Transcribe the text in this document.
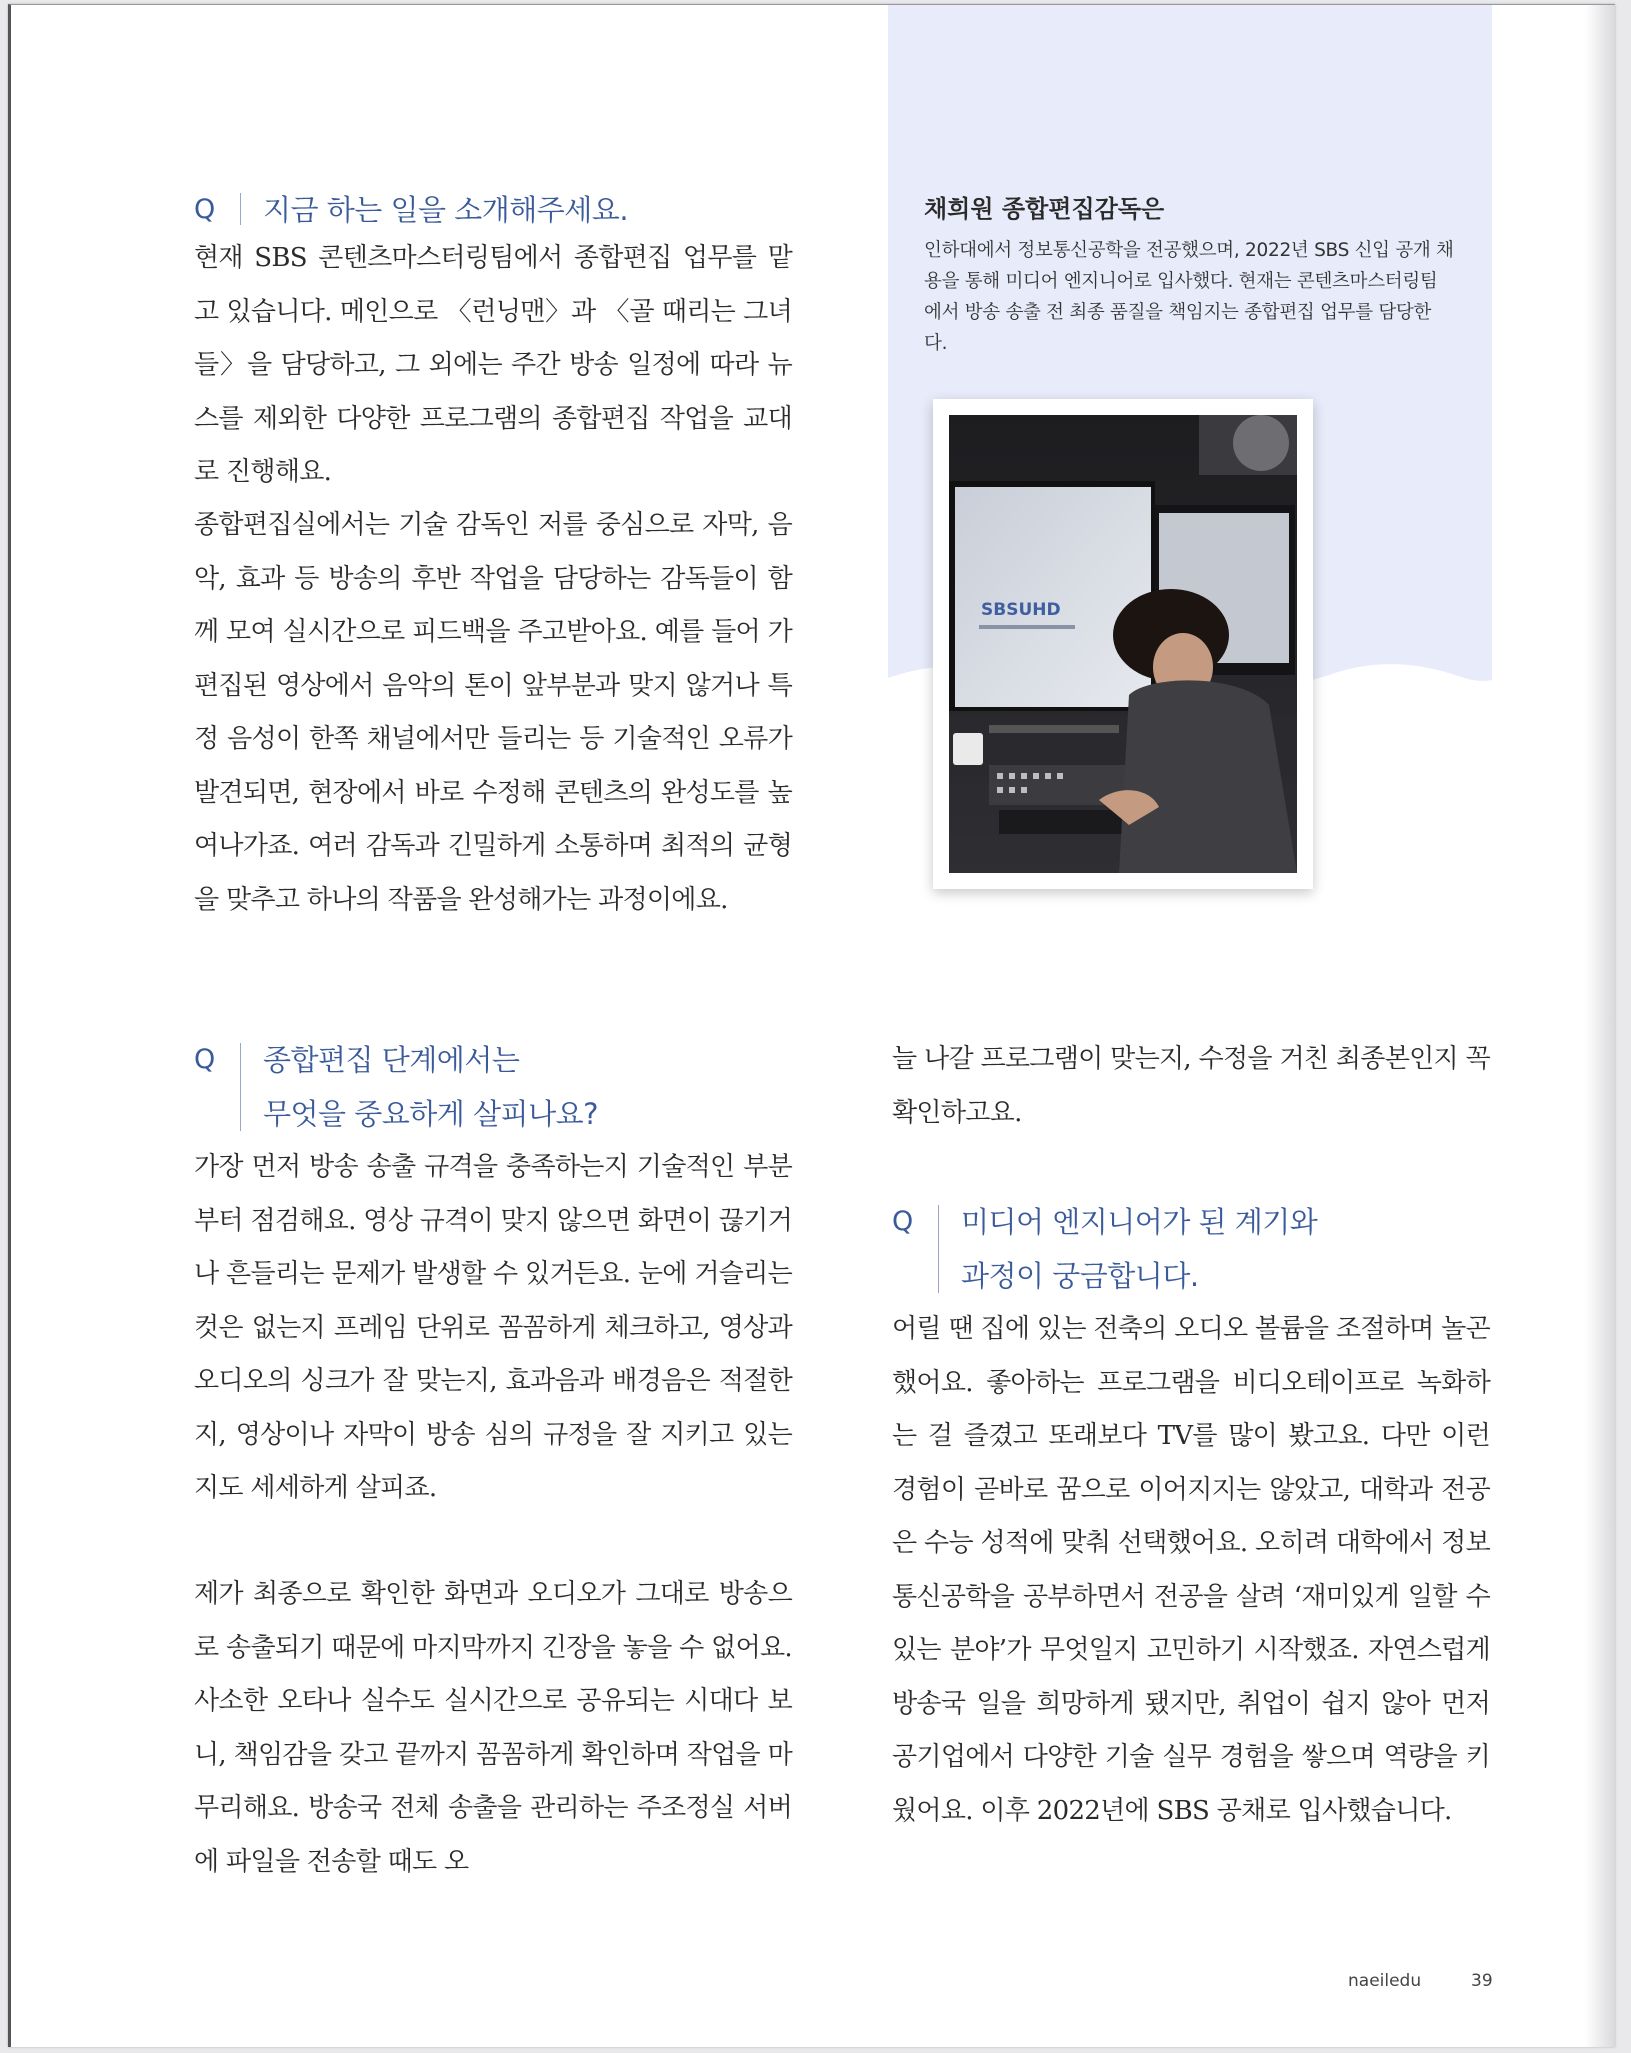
채희원 종합편집감독은

인하대에서 정보통신공학을 전공했으며, 2022년 SBS 신입 공개 채용을 통해 미디어 엔지니어로 입사했다. 현재는 콘텐츠마스터링팀에서 방송 송출 전 최종 품질을 책임지는 종합편집 업무를 담당한다.

SBSUHD
Q	지금 하는 일을 소개해주세요.

현재 SBS 콘텐츠마스터링팀에서 종합편집 업무를 맡고 있습니다. 메인으로 〈런닝맨〉과 〈골 때리는 그녀들〉을 담당하고, 그 외에는 주간 방송 일정에 따라 뉴스를 제외한 다양한 프로그램의 종합편집 작업을 교대로 진행해요.

종합편집실에서는 기술 감독인 저를 중심으로 자막, 음악, 효과 등 방송의 후반 작업을 담당하는 감독들이 함께 모여 실시간으로 피드백을 주고받아요. 예를 들어 가편집된 영상에서 음악의 톤이 앞부분과 맞지 않거나 특정 음성이 한쪽 채널에서만 들리는 등 기술적인 오류가 발견되면, 현장에서 바로 수정해 콘텐츠의 완성도를 높여나가죠. 여러 감독과 긴밀하게 소통하며 최적의 균형을 맞추고 하나의 작품을 완성해가는 과정이에요.

Q	종합편집 단계에서는
무엇을 중요하게 살피나요?

가장 먼저 방송 송출 규격을 충족하는지 기술적인 부분부터 점검해요. 영상 규격이 맞지 않으면 화면이 끊기거나 흔들리는 문제가 발생할 수 있거든요. 눈에 거슬리는 컷은 없는지 프레임 단위로 꼼꼼하게 체크하고, 영상과 오디오의 싱크가 잘 맞는지, 효과음과 배경음은 적절한지, 영상이나 자막이 방송 심의 규정을 잘 지키고 있는지도 세세하게 살피죠.

제가 최종으로 확인한 화면과 오디오가 그대로 방송으로 송출되기 때문에 마지막까지 긴장을 놓을 수 없어요. 사소한 오타나 실수도 실시간으로 공유되는 시대다 보니, 책임감을 갖고 끝까지 꼼꼼하게 확인하며 작업을 마무리해요. 방송국 전체 송출을 관리하는 주조정실 서버에 파일을 전송할 때도 오

늘 나갈 프로그램이 맞는지, 수정을 거친 최종본인지 꼭 확인하고요.

Q	미디어 엔지니어가 된 계기와
과정이 궁금합니다.

어릴 땐 집에 있는 전축의 오디오 볼륨을 조절하며 놀곤 했어요. 좋아하는 프로그램을 비디오테이프로 녹화하는 걸 즐겼고 또래보다 TV를 많이 봤고요. 다만 이런 경험이 곧바로 꿈으로 이어지지는 않았고, 대학과 전공은 수능 성적에 맞춰 선택했어요. 오히려 대학에서 정보통신공학을 공부하면서 전공을 살려 ‘재미있게 일할 수 있는 분야’가 무엇일지 고민하기 시작했죠. 자연스럽게 방송국 일을 희망하게 됐지만, 취업이 쉽지 않아 먼저 공기업에서 다양한 기술 실무 경험을 쌓으며 역량을 키웠어요. 이후 2022년에 SBS 공채로 입사했습니다.

naeiledu	39
